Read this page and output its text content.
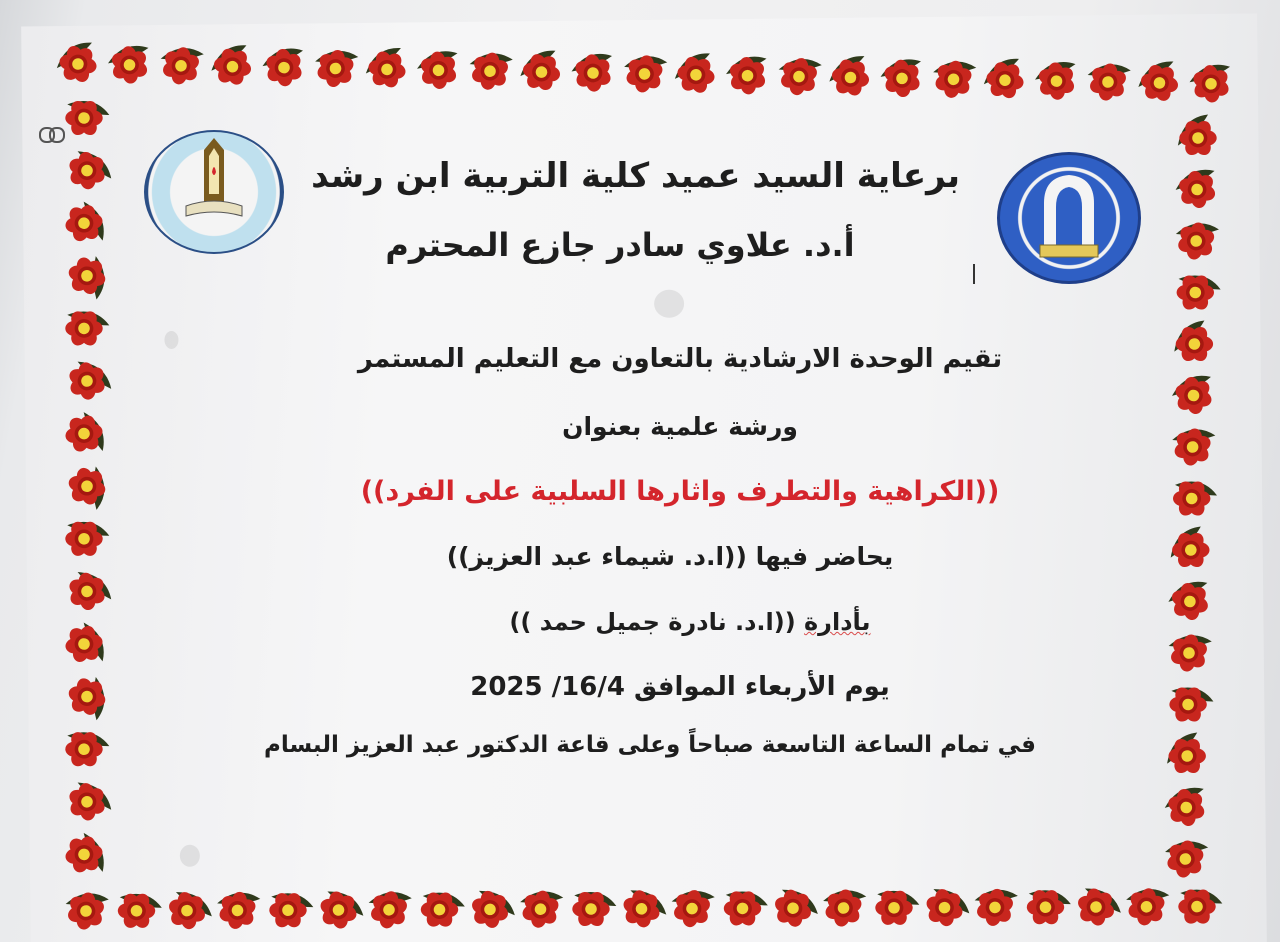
برعاية السيد عميد كلية التربية ابن رشد
أ.د. علاوي سادر جازع المحترم
تقيم الوحدة الارشادية بالتعاون مع التعليم المستمر
ورشة علمية بعنوان
((الكراهية والتطرف واثارها السلبية على الفرد))
يحاضر فيها ((ا.د. شيماء عبد العزيز))
بأدارة ((ا.د. نادرة جميل حمد ))
يوم الأربعاء الموافق 16/4/ 2025
في تمام الساعة التاسعة صباحاً وعلى قاعة الدكتور عبد العزيز البسام
